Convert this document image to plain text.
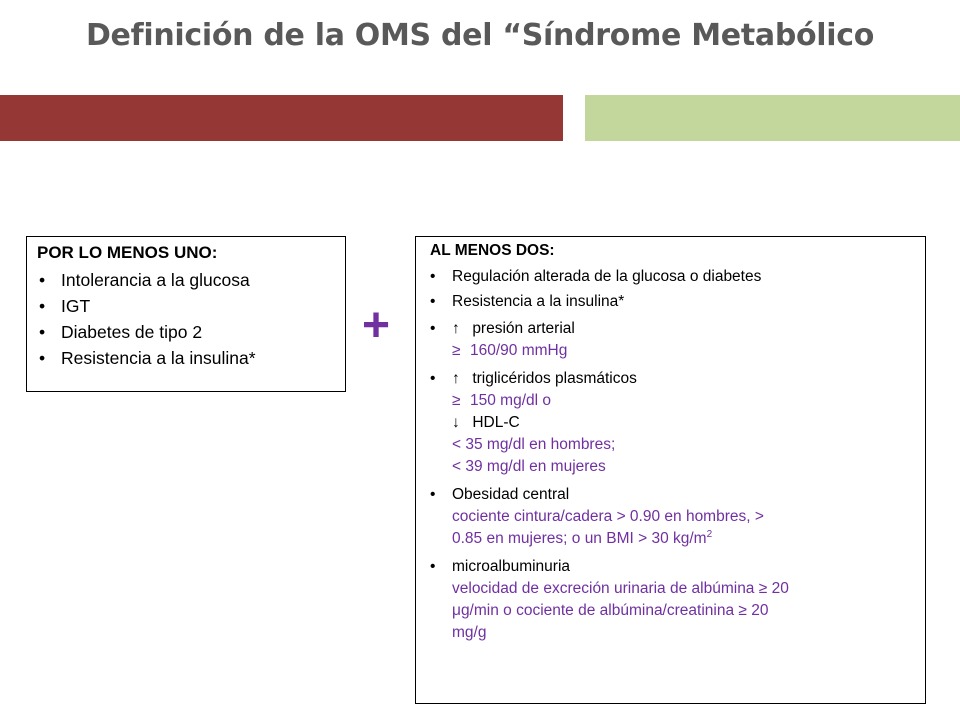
Definición de la OMS del “Síndrome Metabólico
POR LO MENOS UNO:
• Intolerancia a la glucosa
• IGT
• Diabetes de tipo 2
• Resistencia a la insulina*
+
AL MENOS DOS:
• Regulación alterada de la glucosa o diabetes
• Resistencia a la insulina*
• ↑ presión arterial
≥ 160/90 mmHg
• ↑ triglicéridos plasmáticos
≥ 150 mg/dl o
↓ HDL-C
< 35 mg/dl en hombres;
< 39 mg/dl en mujeres
• Obesidad central
cociente cintura/cadera > 0.90 en hombres, >
0.85 en mujeres; o un BMI > 30 $kg/m^2$
• microalbuminuria
velocidad de excreción urinaria de albúmina ≥ 20
μg/min o cociente de albúmina/creatinina ≥ 20
mg/g
